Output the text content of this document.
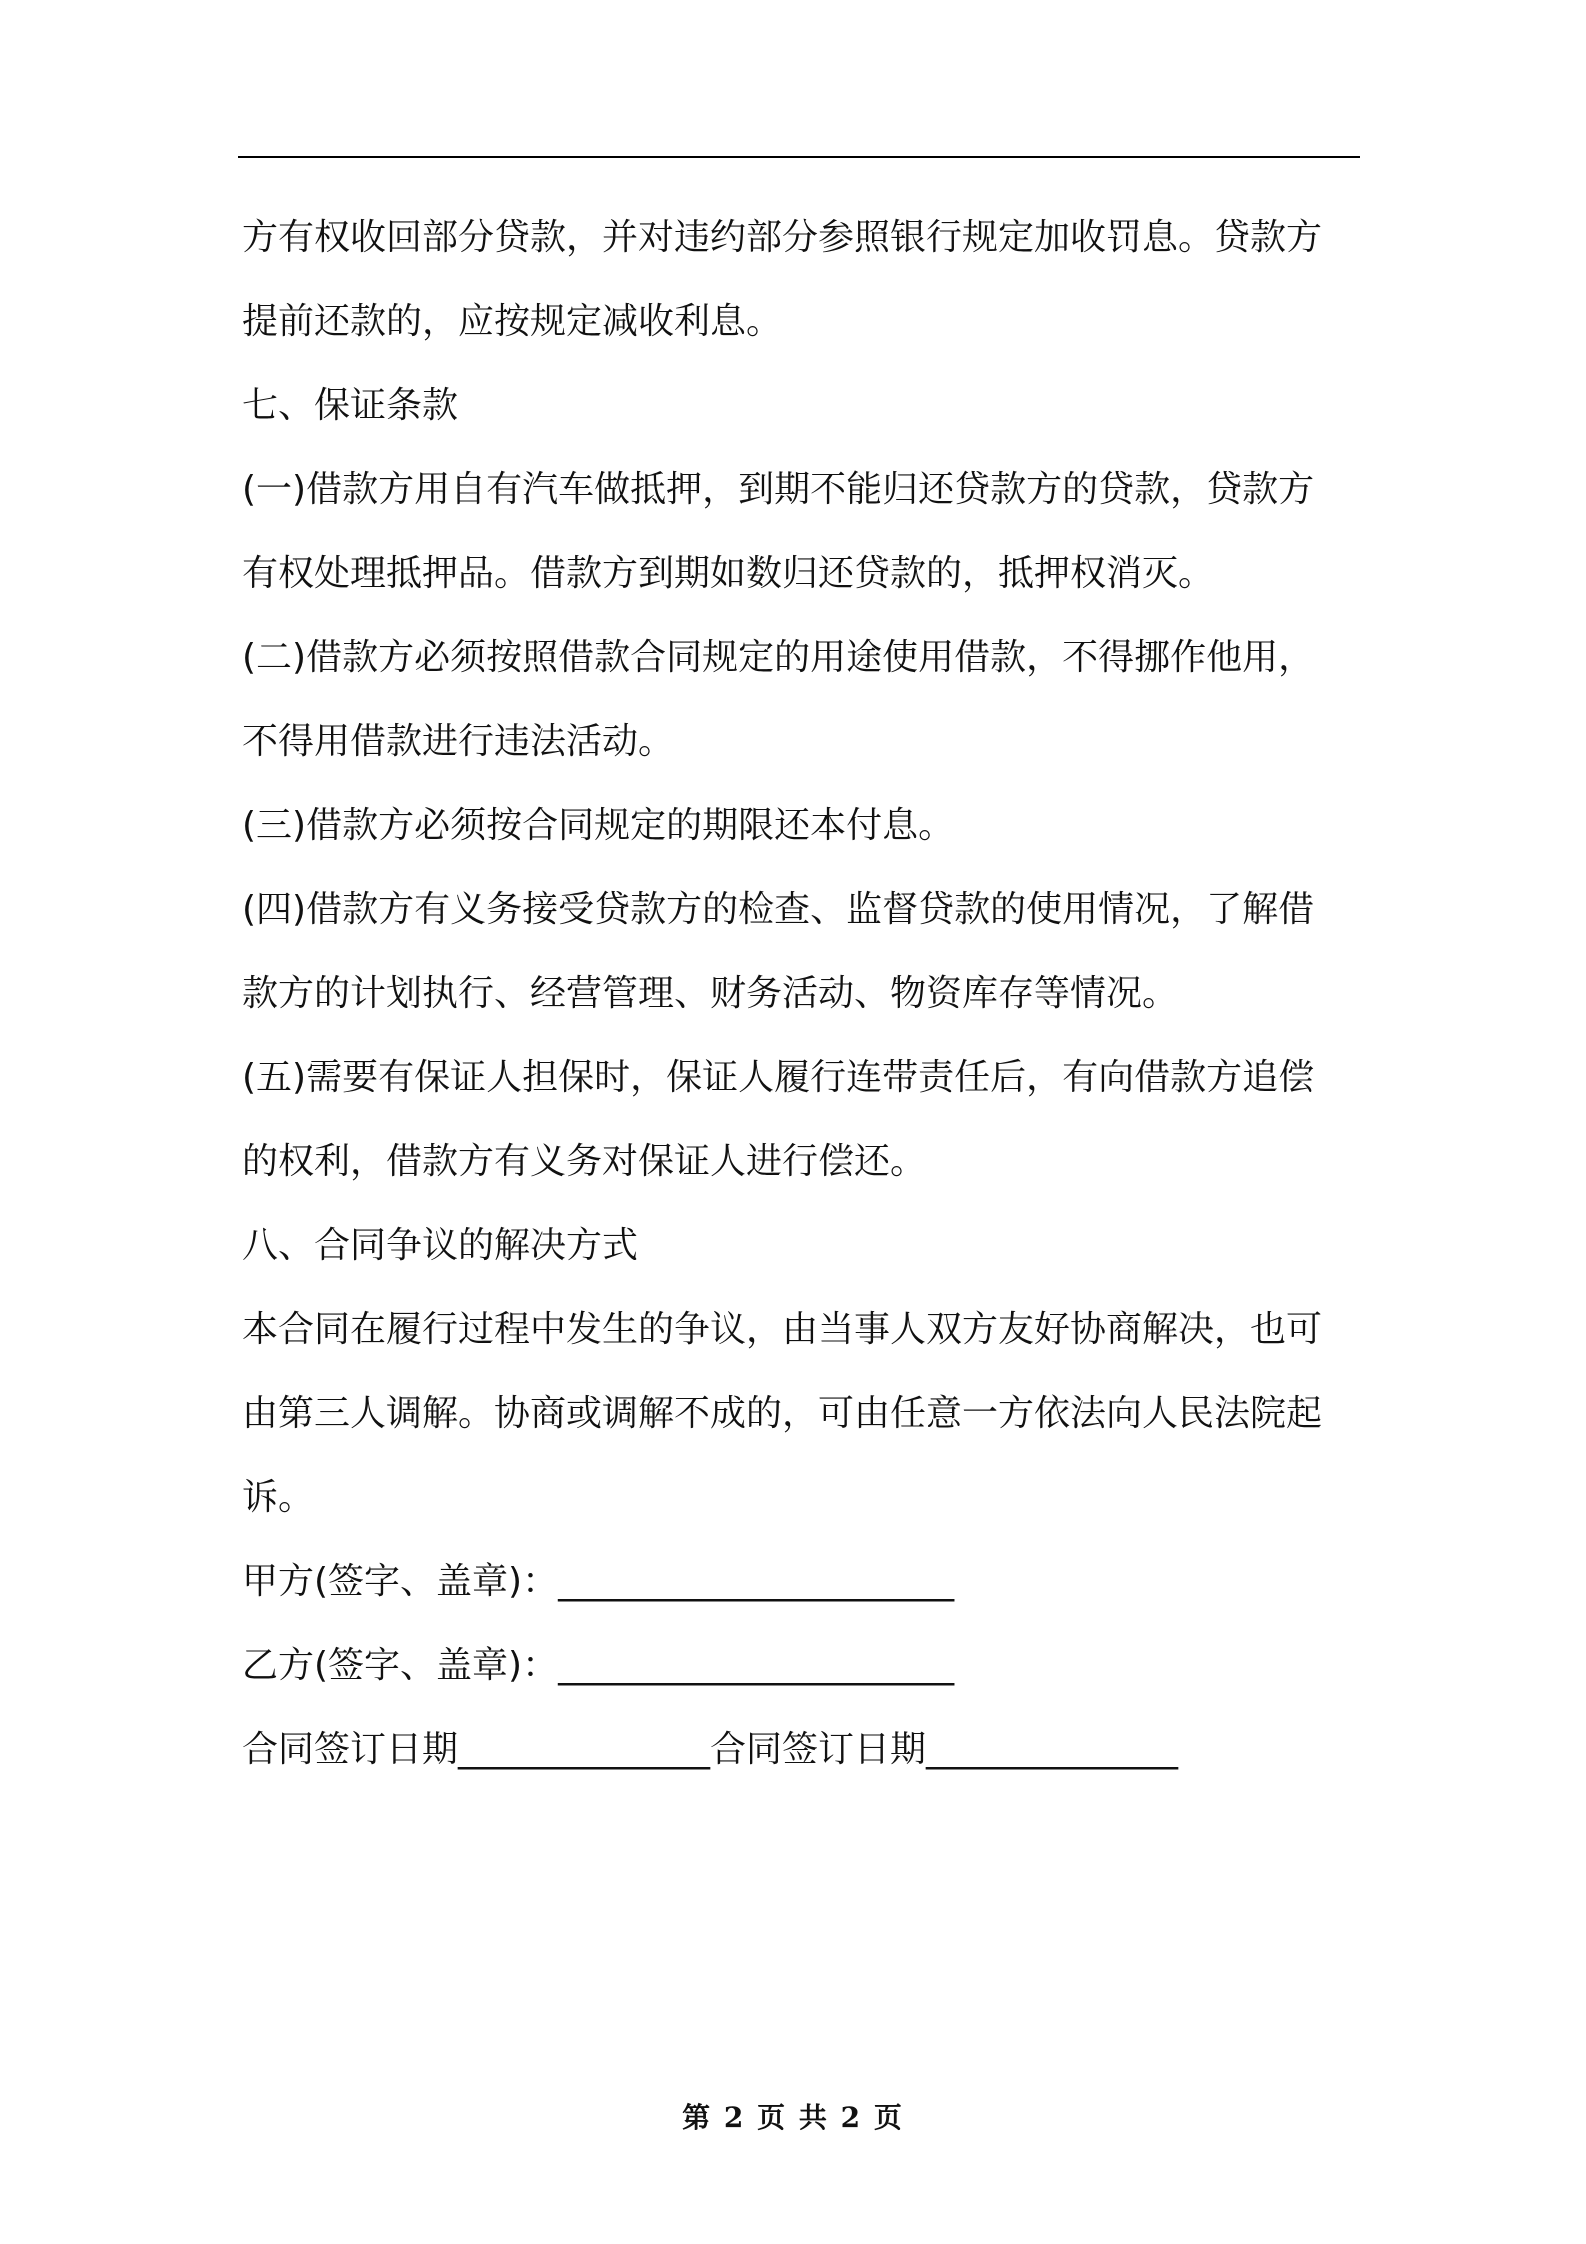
方有权收回部分贷款，并对违约部分参照银行规定加收罚息。贷款方

提前还款的，应按规定减收利息。

七、保证条款

(一)借款方用自有汽车做抵押，到期不能归还贷款方的贷款，贷款方

有权处理抵押品。借款方到期如数归还贷款的，抵押权消灭。

(二)借款方必须按照借款合同规定的用途使用借款，不得挪作他用，

不得用借款进行违法活动。

(三)借款方必须按合同规定的期限还本付息。

(四)借款方有义务接受贷款方的检查、监督贷款的使用情况，了解借

款方的计划执行、经营管理、财务活动、物资库存等情况。

(五)需要有保证人担保时，保证人履行连带责任后，有向借款方追偿

的权利，借款方有义务对保证人进行偿还。

八、合同争议的解决方式

本合同在履行过程中发生的争议，由当事人双方友好协商解决，也可

由第三人调解。协商或调解不成的，可由任意一方依法向人民法院起

诉。

甲方(签字、盖章)：______________________

乙方(签字、盖章)：______________________

合同签订日期______________合同签订日期______________

第 2 页 共 2 页
